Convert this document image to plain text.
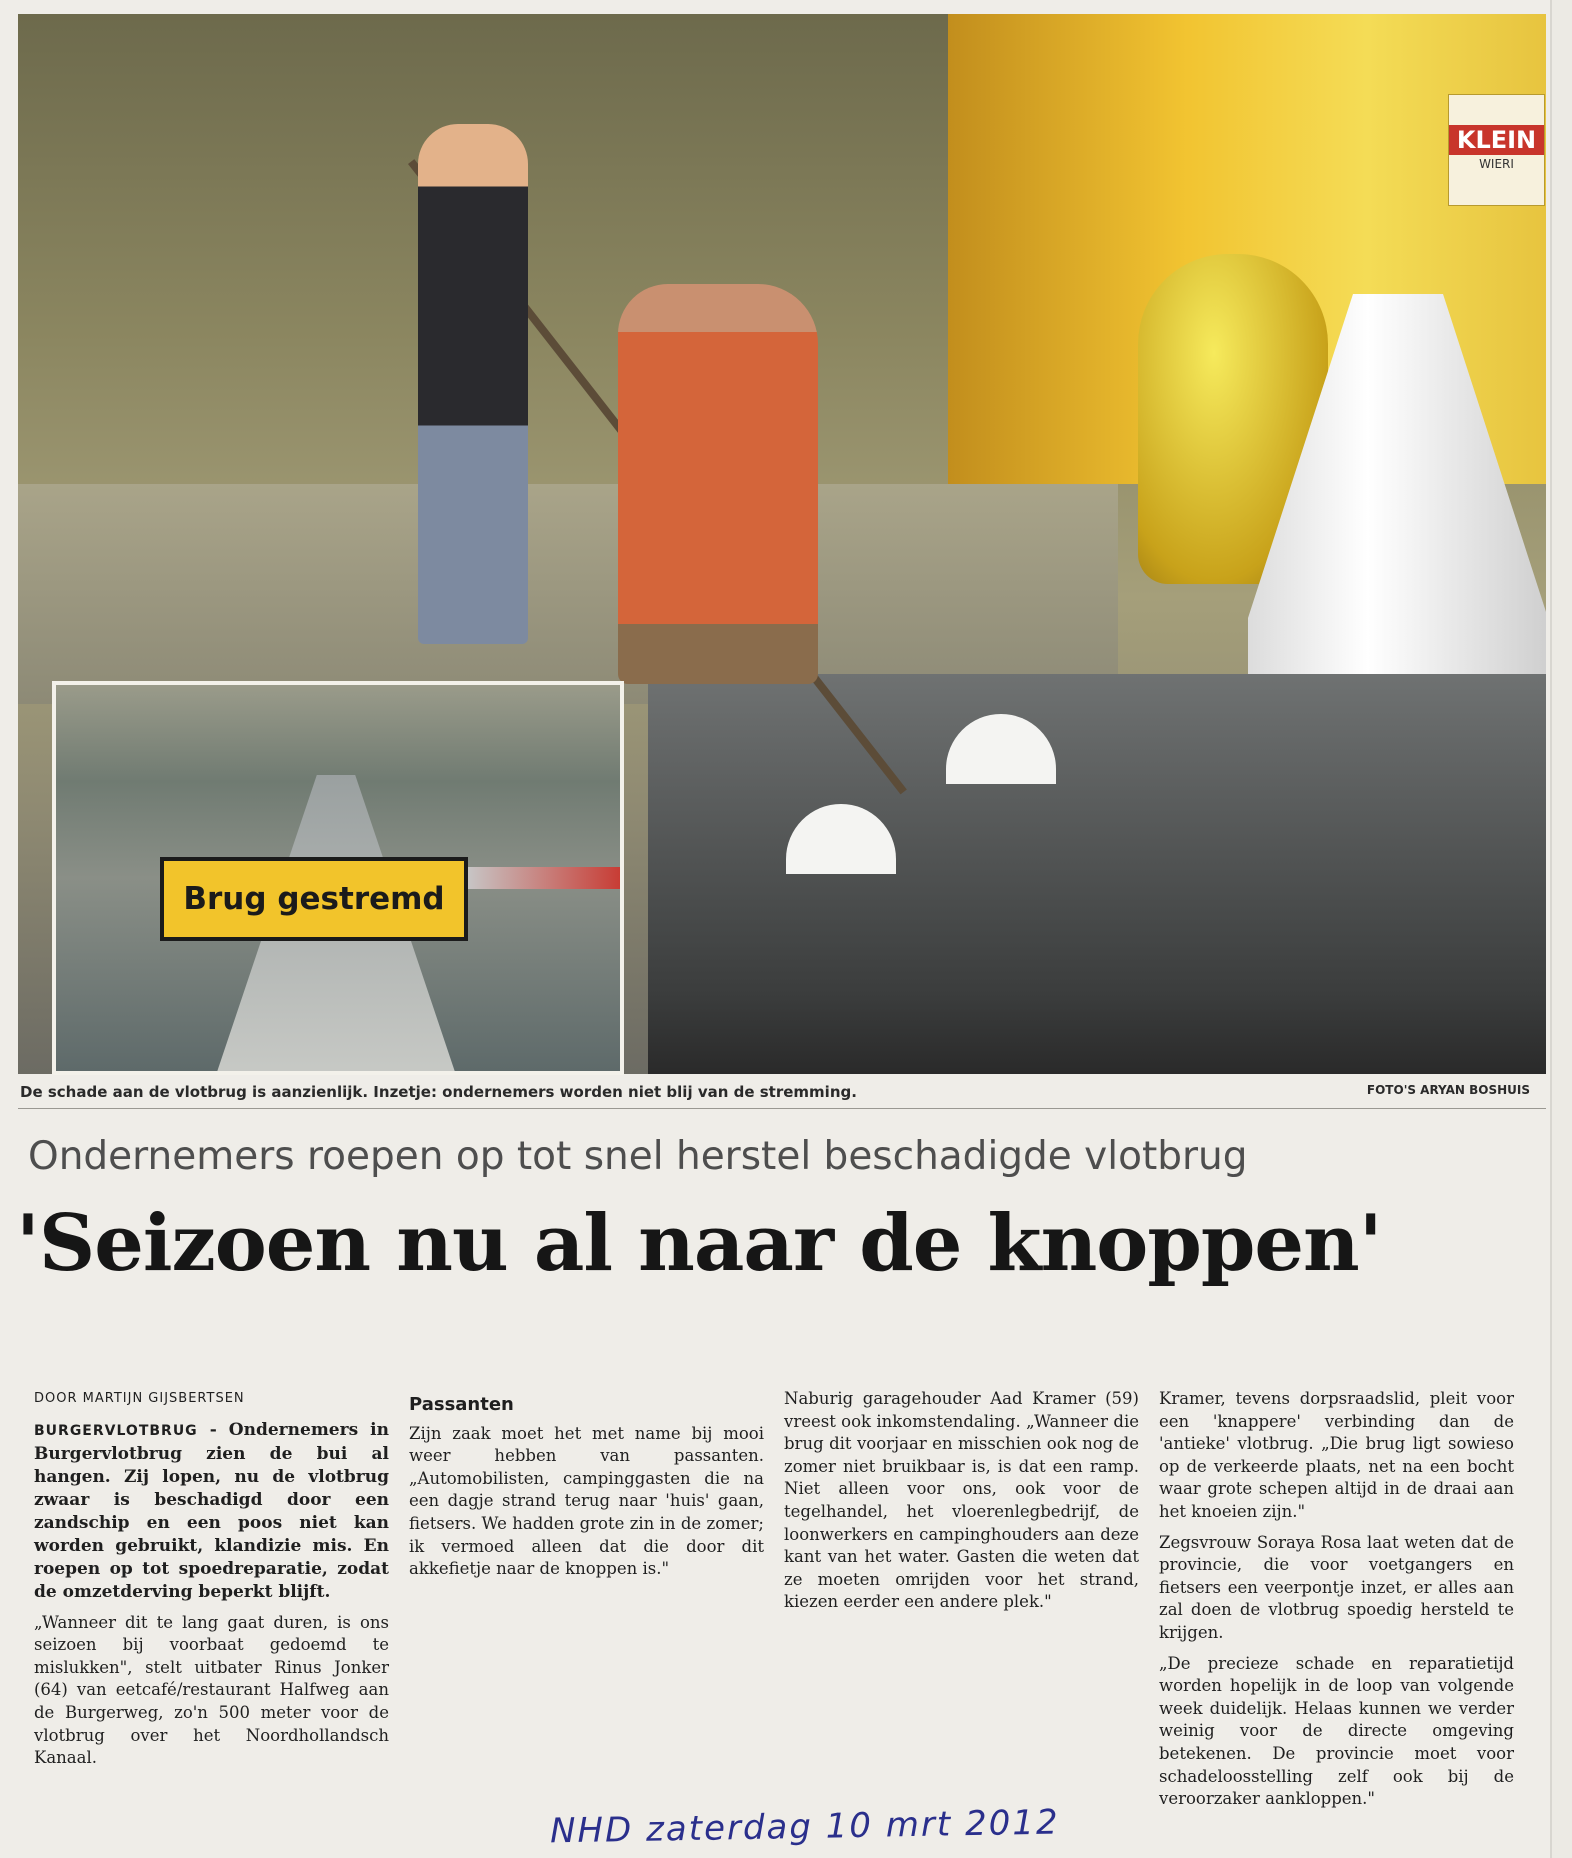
KLEIN
WIERI
Brug gestremd
De schade aan de vlotbrug is aanzienlijk. Inzetje: ondernemers worden niet blij van de stremming.	FOTO'S ARYAN BOSHUIS
Ondernemers roepen op tot snel herstel beschadigde vlotbrug
'Seizoen nu al naar de knoppen'
DOOR MARTIJN GIJSBERTSEN

BURGERVLOTBRUG - Ondernemers in Burgervlotbrug zien de bui al hangen. Zij lopen, nu de vlotbrug zwaar is beschadigd door een zandschip en een poos niet kan worden gebruikt, klandizie mis. En roepen op tot spoedreparatie, zodat de omzetderving beperkt blijft.

„Wanneer dit te lang gaat duren, is ons seizoen bij voorbaat gedoemd te mislukken", stelt uitbater Rinus Jonker (64) van eetcafé/restaurant Halfweg aan de Burgerweg, zo'n 500 meter voor de vlotbrug over het Noordhollandsch Kanaal.

Passanten

Zijn zaak moet het met name bij mooi weer hebben van passanten. „Automobilisten, campinggasten die na een dagje strand terug naar 'huis' gaan, fietsers. We hadden grote zin in de zomer; ik vermoed alleen dat die door dit akkefietje naar de knoppen is."

Naburig garagehouder Aad Kramer (59) vreest ook inkomstendaling. „Wanneer die brug dit voorjaar en misschien ook nog de zomer niet bruikbaar is, is dat een ramp. Niet alleen voor ons, ook voor de tegelhandel, het vloerenlegbedrijf, de loonwerkers en campinghouders aan deze kant van het water. Gasten die weten dat ze moeten omrijden voor het strand, kiezen eerder een andere plek."

Kramer, tevens dorpsraadslid, pleit voor een 'knappere' verbinding dan de 'antieke' vlotbrug. „Die brug ligt sowieso op de verkeerde plaats, net na een bocht waar grote schepen altijd in de draai aan het knoeien zijn."

Zegsvrouw Soraya Rosa laat weten dat de provincie, die voor voetgangers en fietsers een veerpontje inzet, er alles aan zal doen de vlotbrug spoedig hersteld te krijgen.

„De precieze schade en reparatietijd worden hopelijk in de loop van volgende week duidelijk. Helaas kunnen we verder weinig voor de directe omgeving betekenen. De provincie moet voor schadeloosstelling zelf ook bij de veroorzaker aankloppen."

NHD zaterdag 10 mrt 2012
